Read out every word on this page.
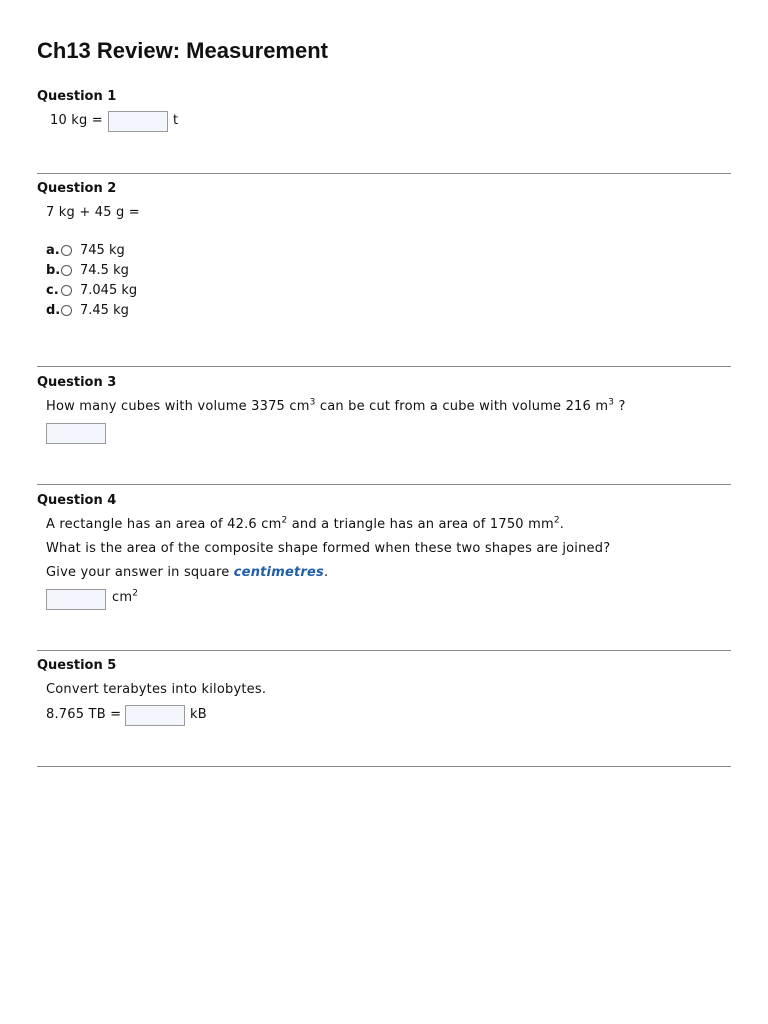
Ch13 Review: Measurement
Question 1
10 kg =	t
Question 2
7 kg + 45 g =
a. 745 kg
b. 74.5 kg
c. 7.045 kg
d. 7.45 kg
Question 3
How many cubes with volume 3375 $cm^3$ can be cut from a cube with volume 216 $m^3$ ?
Question 4
A rectangle has an area of 42.6 $cm^2$ and a triangle has an area of 1750 $mm^2$.
What is the area of the composite shape formed when these two shapes are joined?
Give your answer in square centimetres.
$cm^2$
Question 5
Convert terabytes into kilobytes.
8.765 TB =	kB
